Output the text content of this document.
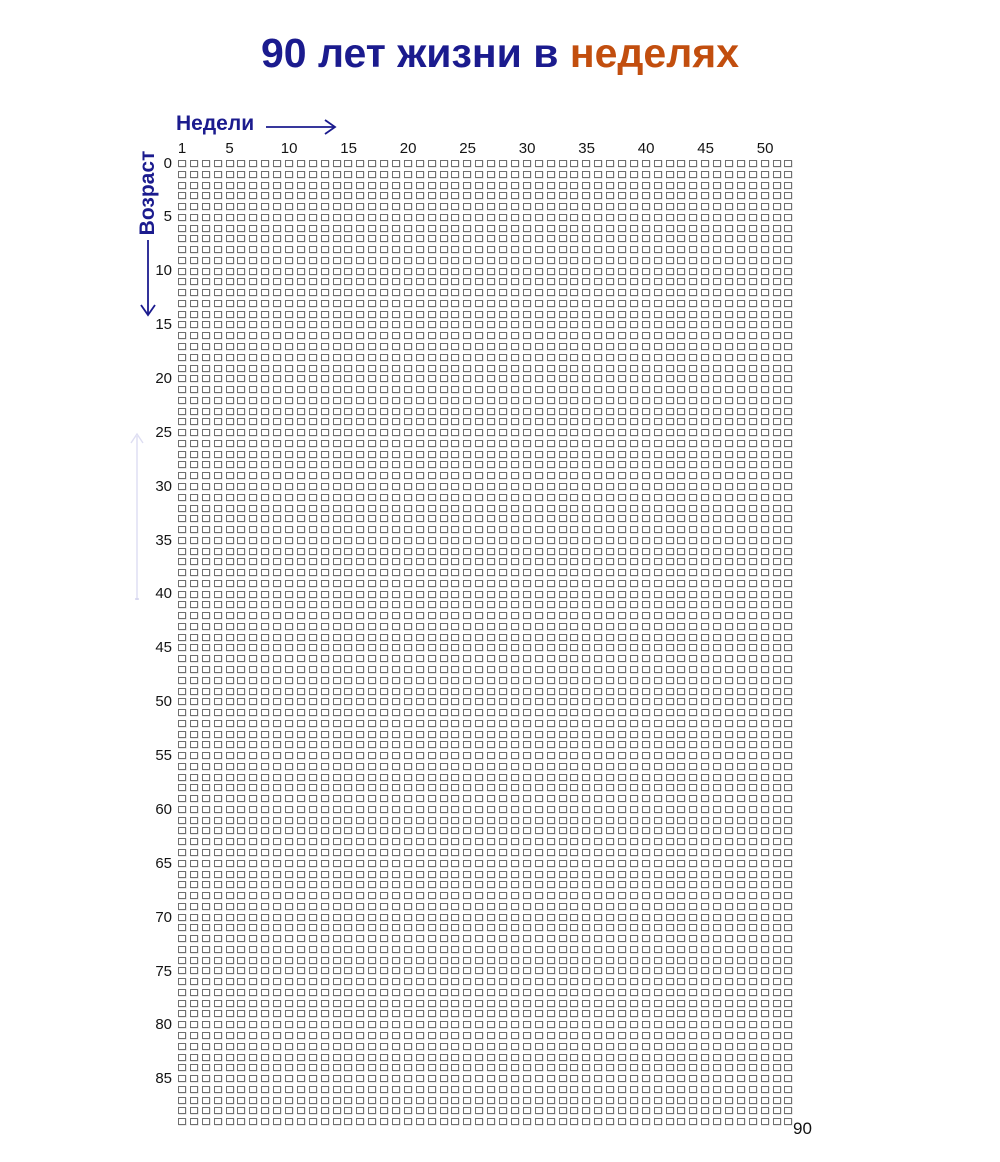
90 лет жизни в неделях
Недели
Возраст
1	5	10	15	20	25	30	35	40	45	50
0
5
10
15
20
25
30
35
40
45
50
55
60
65
70
75
80
85
90
